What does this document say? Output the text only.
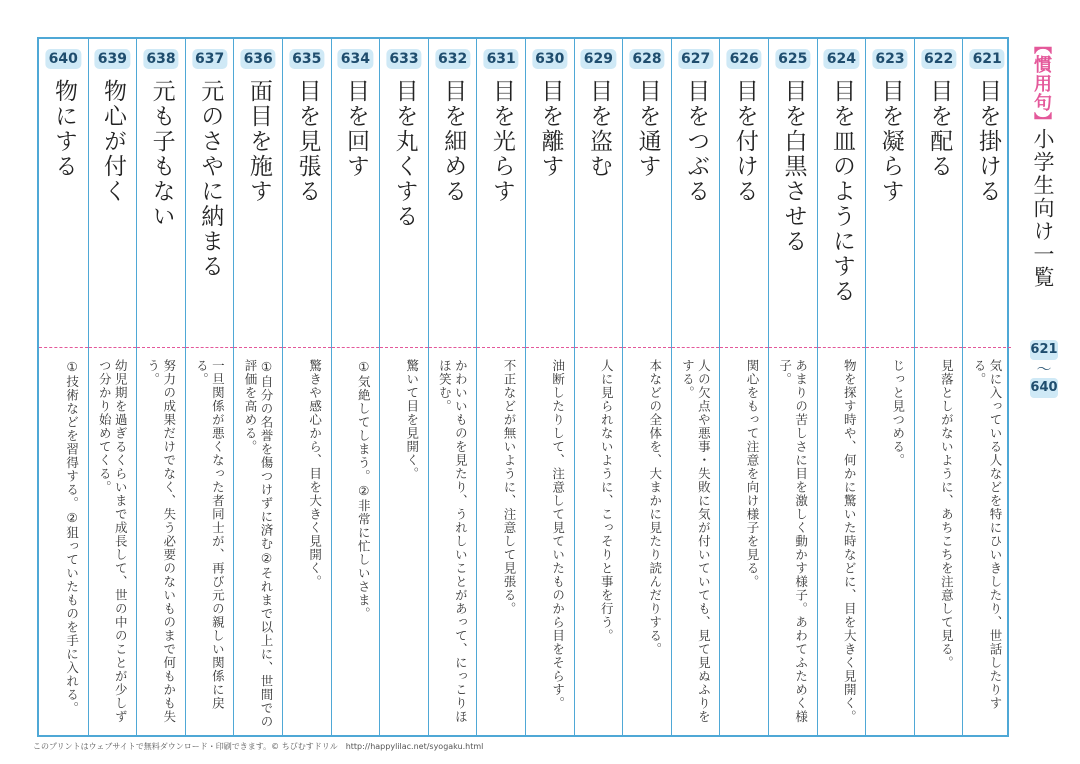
621
目を掛ける
気に入っている人などを特にひいきしたり、世話したりする。
622
目を配る
見落としがないように、あちこちを注意して見る。
623
目を凝らす
じっと見つめる。
624
目を皿のようにする
物を探す時や、何かに驚いた時などに、目を大きく見開く。
625
目を白黒させる
あまりの苦しさに目を激しく動かす様子。あわてふためく様子。
626
目を付ける
関心をもって注意を向け様子を見る。
627
目をつぶる
人の欠点や悪事・失敗に気が付いていても、見て見ぬふりをする。
628
目を通す
本などの全体を、大まかに見たり読んだりする。
629
目を盗む
人に見られないように、こっそりと事を行う。
630
目を離す
油断したりして、注意して見ていたものから目をそらす。
631
目を光らす
不正などが無いように、注意して見張る。
632
目を細める
かわいいものを見たり、うれしいことがあって、にっこりほほ笑む。
633
目を丸くする
驚いて目を見開く。
634
目を回す
①気絶してしまう。②非常に忙しいさま。
635
目を見張る
驚きや感心から、目を大きく見開く。
636
面目を施す
①自分の名誉を傷つけずに済む②それまで以上に、世間での評価を高める。
637
元のさやに納まる
一旦関係が悪くなった者同士が、再び元の親しい関係に戻る。
638
元も子もない
努力の成果だけでなく、失う必要のないものまで何もかも失う。
639
物心が付く
幼児期を過ぎるくらいまで成長して、世の中のことが少しずつ分かり始めてくる。
640
物にする
①技術などを習得する。②狙っていたものを手に入れる。
【慣用句】
小学生向け一覧
621
～
640
このプリントはウェブサイトで無料ダウンロード・印刷できます。© ちびむすドリル　http://happylilac.net/syogaku.html
